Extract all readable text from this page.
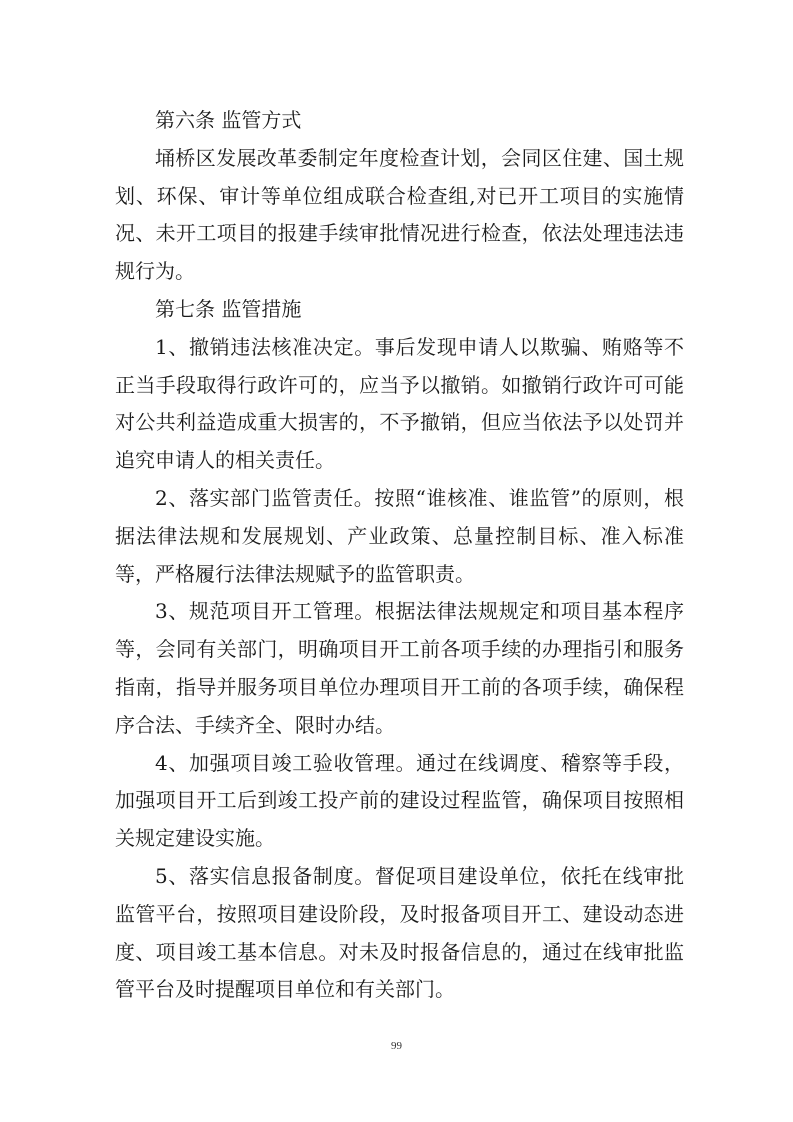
第六条 监管方式

埇桥区发展改革委制定年度检查计划，会同区住建、国土规划、环保、审计等单位组成联合检查组,对已开工项目的实施情况、未开工项目的报建手续审批情况进行检查，依法处理违法违规行为。

第七条 监管措施

1、撤销违法核准决定。事后发现申请人以欺骗、贿赂等不正当手段取得行政许可的，应当予以撤销。如撤销行政许可可能对公共利益造成重大损害的，不予撤销，但应当依法予以处罚并追究申请人的相关责任。

2、落实部门监管责任。按照“谁核准、谁监管”的原则，根据法律法规和发展规划、产业政策、总量控制目标、准入标准等，严格履行法律法规赋予的监管职责。

3、规范项目开工管理。根据法律法规规定和项目基本程序等，会同有关部门，明确项目开工前各项手续的办理指引和服务指南，指导并服务项目单位办理项目开工前的各项手续，确保程序合法、手续齐全、限时办结。

4、加强项目竣工验收管理。通过在线调度、稽察等手段，加强项目开工后到竣工投产前的建设过程监管，确保项目按照相关规定建设实施。

5、落实信息报备制度。督促项目建设单位，依托在线审批监管平台，按照项目建设阶段，及时报备项目开工、建设动态进度、项目竣工基本信息。对未及时报备信息的，通过在线审批监管平台及时提醒项目单位和有关部门。

99
